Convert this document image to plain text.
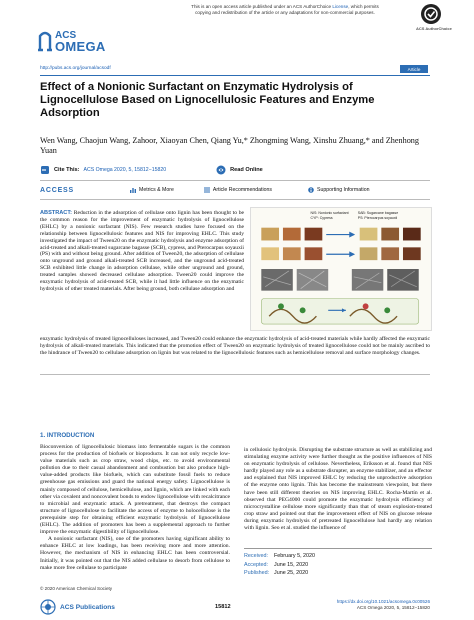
This is an open access article published under an ACS AuthorChoice License, which permits
copying and redistribution of the article or any adaptations for non-commercial purposes.
ACS AuthorChoice
ACS
OMEGA
http://pubs.acs.org/journal/acsodf	Article
Effect of a Nonionic Surfactant on Enzymatic Hydrolysis of Lignocellulose Based on Lignocellulosic Features and Enzyme Adsorption
Wen Wang, Chaojun Wang, Zahoor, Xiaoyan Chen, Qiang Yu,* Zhongming Wang, Xinshu Zhuang,* and Zhenhong Yuan
Cite This: ACS Omega 2020, 5, 15812−15820	Read Online
ACCESS	Metrics & More	Article Recommendations	Supporting Information
ABSTRACT: Reduction in the adsorption of cellulase onto lignin has been thought to be the common reason for the improvement of enzymatic hydrolysis of lignocellulose (EHLC) by a nonionic surfactant (NIS). Few research studies have focused on the relationship between lignocellulosic features and NIS for improving EHLC. This study investigated the impact of Tween20 on the enzymatic hydrolysis and enzyme adsorption of acid-treated and alkali-treated sugarcane bagasse (SCB), cypress, and Pterocarpus soyauxii (PS) with and without being ground. After addition of Tween20, the adsorption of cellulase onto unground and ground alkali-treated SCB increased, and the unground acid-treated SCB exhibited little change in adsorption cellulase, while other unground and ground, treated samples showed decreased cellulase adsorption. Tween20 could improve the enzymatic hydrolysis of acid-treated SCB, while it had little influence on the enzymatic hydrolysis of other treated materials. After being ground, both cellulase adsorption and
NIS: Nonionic surfactant	SAB: Sugarcane bagasse
CYP: Cypress	PS: Pterocarpus soyauxii
enzymatic hydrolysis of treated lignocelluloses increased, and Tween20 could enhance the enzymatic hydrolysis of acid-treated materials while hardly affected the enzymatic hydrolysis of alkali-treated materials. This indicated that the promotion effect of Tween20 on enzymatic hydrolysis of treated lignocellulose could not be mainly ascribed to the hindrance of Tween20 to cellulase adsorption on lignin but was related to the lignocellulosic features such as hemicellulose removal and surface morphology changes.
1. INTRODUCTION

Bioconversion of lignocellulosic biomass into fermentable sugars is the common process for the production of biofuels or bioproducts. It can not only recycle low-value materials such as crop straw, wood chips, etc. to avoid environmental pollution due to their casual abandonment and combustion but also produce high-value-added products like biofuels, which can substitute fossil fuels to reduce greenhouse gas emissions and guard the national energy safety. Lignocellulose is mainly composed of cellulose, hemicellulose, and lignin, which are linked with each other via covalent and noncovalent bonds to endow lignocellulose with recalcitrance to microbial and enzymatic attack. A pretreatment, that destroys the compact structure of lignocellulose to facilitate the access of enzyme to holocellulose is the prerequisite step for obtaining efficient enzymatic hydrolysis of lignocellulose (EHLC). The addition of promoters has been a supplemental approach to further improve the enzymatic digestibility of lignocellulose.

A nonionic surfactant (NIS), one of the promoters having significant ability to enhance EHLC at low loadings, has been receiving more and more attention. However, the mechanism of NIS in enhancing EHLC has been controversial. Initially, it was pointed out that the NIS added cellulase to desorb from cellulose to make more free cellulase to participate

in cellulosic hydrolysis. Disrupting the substrate structure as well as stabilizing and stimulating enzyme activity were further thought as the positive influences of NIS on enzymatic hydrolysis of cellulose. Nevertheless, Eriksson et al. found that NIS hardly played any role as a substrate disrupter, an enzyme stabilizer, and an effector and explained that NIS improved EHLC by reducing the unproductive adsorption of the enzyme onto lignin. This has become the mainstream viewpoint, but there have been still different theories on NIS improving EHLC. Rocha-Martín et al. observed that PEG4000 could promote the enzymatic hydrolysis efficiency of microcrystalline cellulose more significantly than that of steam explosion-treated crop straw and pointed out that the improvement effect of NIS on glucose release during enzymatic hydrolysis of pretreated lignocellulose had hardly any relation with lignin. Seo et al. studied the influence of

Received:	February 5, 2020
Accepted:	June 15, 2020
Published: June 25, 2020
© 2020 American Chemical Society
ACS Publications	15812
https://dx.doi.org/10.1021/acsomega.0c00526
ACS Omega 2020, 5, 15812−15820
